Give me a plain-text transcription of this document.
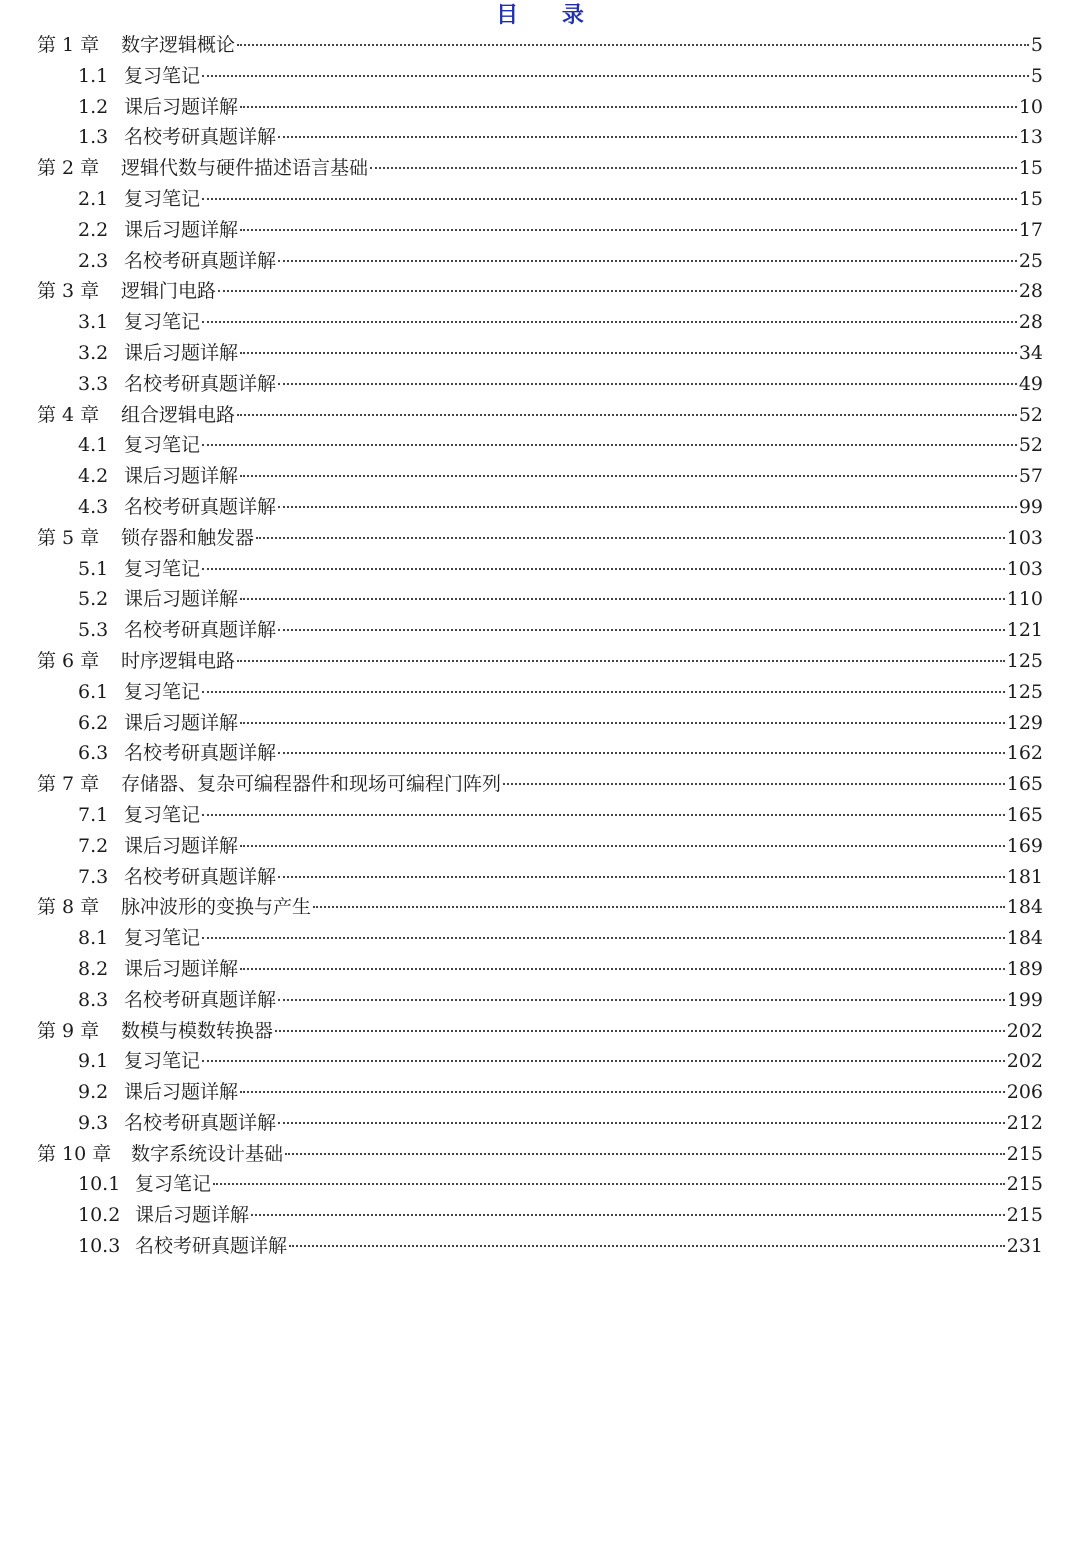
目 录
第 1 章	数字逻辑概论	5
1.1 复习笔记	5
1.2 课后习题详解	10
1.3 名校考研真题详解	13
第 2 章	逻辑代数与硬件描述语言基础	15
2.1 复习笔记	15
2.2 课后习题详解	17
2.3 名校考研真题详解	25
第 3 章	逻辑门电路	28
3.1 复习笔记	28
3.2 课后习题详解	34
3.3 名校考研真题详解	49
第 4 章	组合逻辑电路	52
4.1 复习笔记	52
4.2 课后习题详解	57
4.3 名校考研真题详解	99
第 5 章	锁存器和触发器	103
5.1 复习笔记	103
5.2 课后习题详解	110
5.3 名校考研真题详解	121
第 6 章	时序逻辑电路	125
6.1 复习笔记	125
6.2 课后习题详解	129
6.3 名校考研真题详解	162
第 7 章	存储器、复杂可编程器件和现场可编程门阵列	165
7.1 复习笔记	165
7.2 课后习题详解	169
7.3 名校考研真题详解	181
第 8 章	脉冲波形的变换与产生	184
8.1 复习笔记	184
8.2 课后习题详解	189
8.3 名校考研真题详解	199
第 9 章	数模与模数转换器	202
9.1 复习笔记	202
9.2 课后习题详解	206
9.3 名校考研真题详解	212
第 10 章	数字系统设计基础	215
10.1 复习笔记	215
10.2 课后习题详解	215
10.3 名校考研真题详解	231
